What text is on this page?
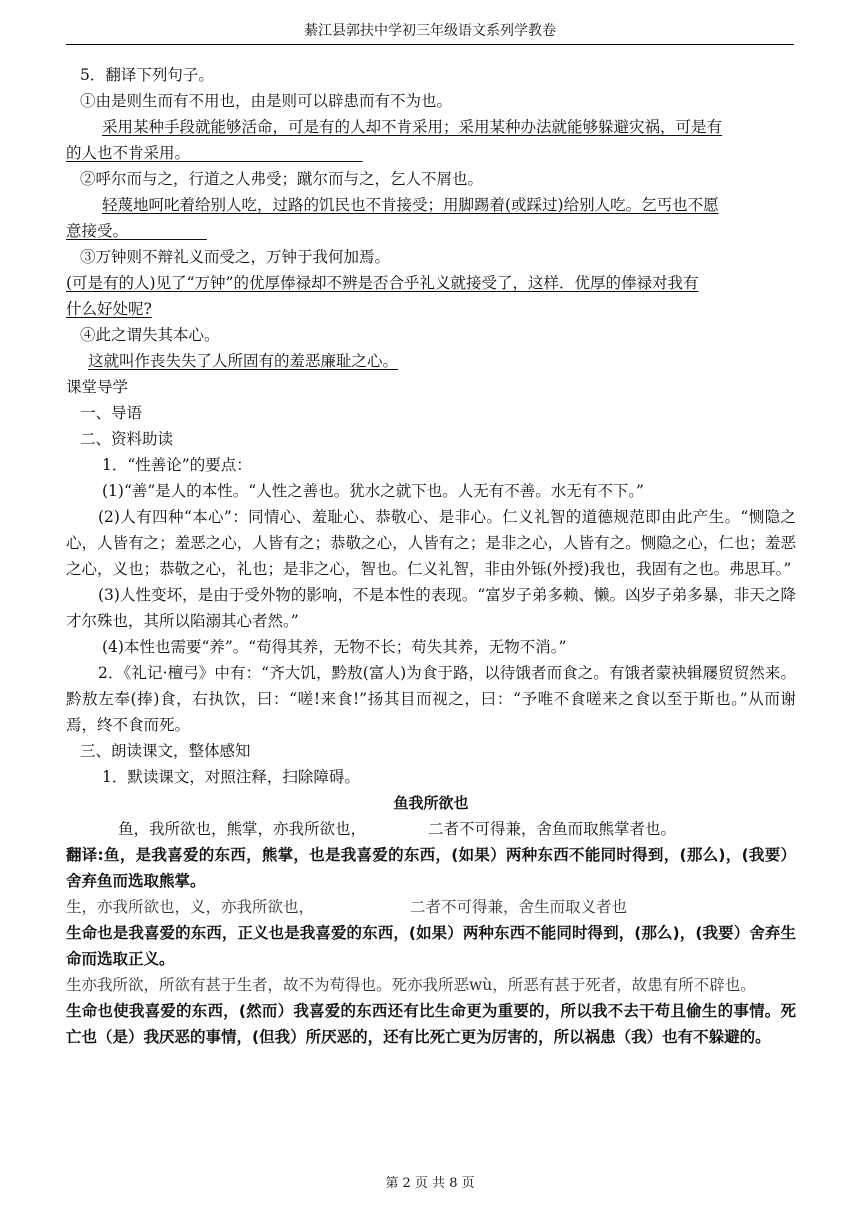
綦江县郭扶中学初三年级语文系列学教卷

5．翻译下列句子。

①由是则生而有不用也，由是则可以辟患而有不为也。

采用某种手段就能够活命，可是有的人却不肯采用；采用某种办法就能够躲避灾祸，可是有

的人也不肯采用。

②呼尔而与之，行道之人弗受；蹴尔而与之，乞人不屑也。

轻蔑地呵叱着给别人吃，过路的饥民也不肯接受；用脚踢着(或踩过)给别人吃。乞丐也不愿

意接受。

③万钟则不辩礼义而受之，万钟于我何加焉。

(可是有的人)见了“万钟”的优厚俸禄却不辨是否合乎礼义就接受了，这样．优厚的俸禄对我有

什么好处呢?

④此之谓失其本心。

这就叫作丧失失了人所固有的羞恶廉耻之心。

课堂导学

一、导语

二、资料助读

1．“性善论”的要点：

(1)“善”是人的本性。“人性之善也。犹水之就下也。人无有不善。水无有不下。”

(2)人有四种“本心”：同情心、羞耻心、恭敬心、是非心。仁义礼智的道德规范即由此产生。“恻隐之心，人皆有之；羞恶之心，人皆有之；恭敬之心，人皆有之；是非之心，人皆有之。恻隐之心，仁也；羞恶之心，义也；恭敬之心，礼也；是非之心，智也。仁义礼智，非由外铄(外授)我也，我固有之也。弗思耳。”

(3)人性变坏，是由于受外物的影响，不是本性的表现。“富岁子弟多赖、懒。凶岁子弟多暴，非天之降才尔殊也，其所以陷溺其心者然。”

(4)本性也需要“养”。“苟得其养，无物不长；苟失其养，无物不消。”

2．《礼记·檀弓》中有：“齐大饥，黔敖(富人)为食于路，以待饿者而食之。有饿者蒙袂辑屦贸贸然来。黔敖左奉(捧)食，右执饮，曰：“嗟!来食!”扬其目而视之，曰：“予唯不食嗟来之食以至于斯也。”从而谢焉，终不食而死。

三、朗读课文，整体感知

1．默读课文，对照注释，扫除障碍。

鱼我所欲也

鱼，我所欲也，熊掌，亦我所欲也，	二者不可得兼，舍鱼而取熊掌者也。

翻译:鱼，是我喜爱的东西，熊掌，也是我喜爱的东西，(如果）两种东西不能同时得到，(那么)，(我要）舍弃鱼而选取熊掌。

生，亦我所欲也，义，亦我所欲也，	二者不可得兼，舍生而取义者也

生命也是我喜爱的东西，正义也是我喜爱的东西，(如果）两种东西不能同时得到，(那么)，(我要）舍弃生命而选取正义。

生亦我所欲，所欲有甚于生者，故不为苟得也。死亦我所恶wù，所恶有甚于死者，故患有所不辟也。

生命也使我喜爱的东西，(然而）我喜爱的东西还有比生命更为重要的，所以我不去干苟且偷生的事情。死亡也（是）我厌恶的事情，(但我）所厌恶的，还有比死亡更为厉害的，所以祸患（我）也有不躲避的。

第 2 页 共 8 页
